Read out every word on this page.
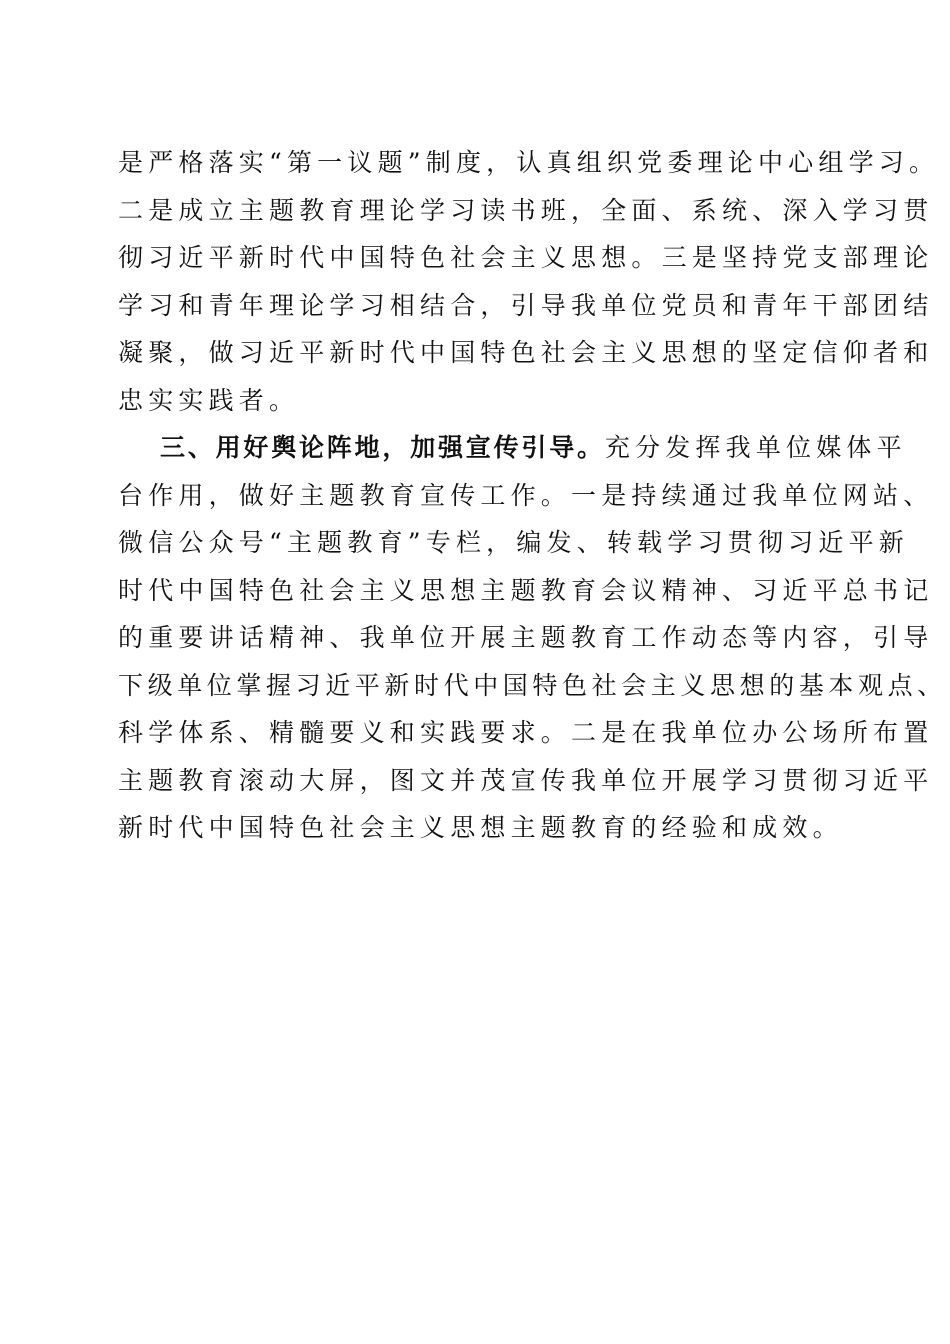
是严格落实“第一议题”制度，认真组织党委理论中心组学习。
二是成立主题教育理论学习读书班，全面、系统、深入学习贯
彻习近平新时代中国特色社会主义思想。三是坚持党支部理论
学习和青年理论学习相结合，引导我单位党员和青年干部团结
凝聚，做习近平新时代中国特色社会主义思想的坚定信仰者和
忠实实践者。
三、用好舆论阵地，加强宣传引导。充分发挥我单位媒体平
台作用，做好主题教育宣传工作。一是持续通过我单位网站、
微信公众号“主题教育”专栏，编发、转载学习贯彻习近平新
时代中国特色社会主义思想主题教育会议精神、习近平总书记
的重要讲话精神、我单位开展主题教育工作动态等内容，引导
下级单位掌握习近平新时代中国特色社会主义思想的基本观点、
科学体系、精髓要义和实践要求。二是在我单位办公场所布置
主题教育滚动大屏，图文并茂宣传我单位开展学习贯彻习近平
新时代中国特色社会主义思想主题教育的经验和成效。
